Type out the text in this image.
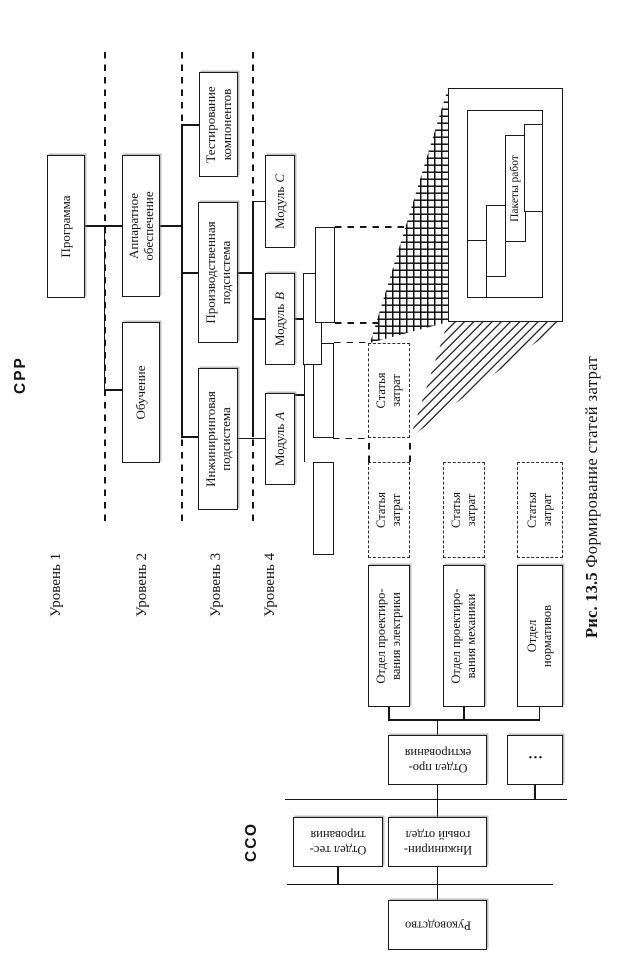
СРР
ССО
Уровень 1	Уровень 2	Уровень 3	Уровень 4
Программа
Обучение
Аппаратное обеспечение
Инжиниринговая подсистема
Производственная подсистема
Тестирование компонентов
Модуль
A
Модуль
B
Модуль
C
Статья затрат
Статья затрат	Статья затрат	Статья затрат
Отдел проектиро- вания электрики	Отдел проектиро- вания механики	Отдел нормативов
Руководство
Отдел тес-
тирования
Инжинирин-
говый отдел
Отдел про-
ектирования	…
Пакеты работ
Рис. 13.5 Формирование статей затрат
